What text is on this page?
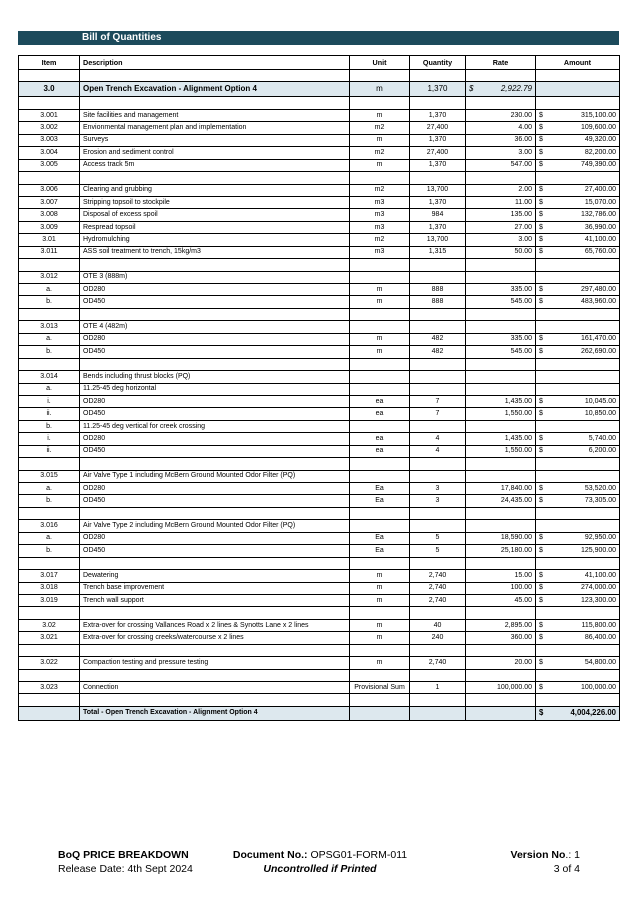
Bill of Quantities
Item	Description	Unit	Quantity	Rate	Amount	

3.0	Open Trench Excavation - Alignment Option 4	m	1,370	$ 2,922.79		

3.001	Site facilities and management	m	1,370	230.00	$	315,100.00
3.002	Envionmental management plan and implementation	m2	27,400	4.00	$	109,600.00
3.003	Surveys	m	1,370	36.00	$	49,320.00
3.004	Erosion and sediment control	m2	27,400	3.00	$	82,200.00
3.005	Access track 5m	m	1,370	547.00	$	749,390.00

3.006	Clearing and grubbing	m2	13,700	2.00	$	27,400.00
3.007	Stripping topsoil to stockpile	m3	1,370	11.00	$	15,070.00
3.008	Disposal of excess spoil	m3	984	135.00	$	132,786.00
3.009	Respread topsoil	m3	1,370	27.00	$	36,990.00
3.01	Hydromulching	m2	13,700	3.00	$	41,100.00
3.011	ASS soil treatment to trench, 15kg/m3	m3	1,315	50.00	$	65,760.00

3.012	OTE 3 (888m)					
a.	OD280	m	888	335.00	$	297,480.00
b.	OD450	m	888	545.00	$	483,960.00

3.013	OTE 4 (482m)					
a.	OD280	m	482	335.00	$	161,470.00
b.	OD450	m	482	545.00	$	262,690.00

3.014	Bends including thrust blocks (PQ)					
a.	11.25-45 deg horizontal					
i.	OD280	ea	7	1,435.00	$	10,045.00
ii.	OD450	ea	7	1,550.00	$	10,850.00
b.	11.25-45 deg vertical for creek crossing					
i.	OD280	ea	4	1,435.00	$	5,740.00
ii.	OD450	ea	4	1,550.00	$	6,200.00

3.015	Air Valve Type 1 including McBern Ground Mounted Odor Filter (PQ)					
a.	OD280	Ea	3	17,840.00	$	53,520.00
b.	OD450	Ea	3	24,435.00	$	73,305.00

3.016	Air Valve Type 2 including McBern Ground Mounted Odor Filter (PQ)					
a.	OD280	Ea	5	18,590.00	$	92,950.00
b.	OD450	Ea	5	25,180.00	$	125,900.00

3.017	Dewatering	m	2,740	15.00	$	41,100.00
3.018	Trench base improvement	m	2,740	100.00	$	274,000.00
3.019	Trench wall support	m	2,740	45.00	$	123,300.00

3.02	Extra-over for crossing Vallances Road x 2 lines & Synotts Lane x 2 lines	m	40	2,895.00	$	115,800.00
3.021	Extra-over for crossing creeks/watercourse x 2 lines	m	240	360.00	$	86,400.00

3.022	Compaction testing and pressure testing	m	2,740	20.00	$	54,800.00

3.023	Connection	Provisional Sum	1	100,000.00	$	100,000.00

	Total - Open Trench Excavation - Alignment Option 4				$	4,004,226.00
BoQ PRICE BREAKDOWN
Release Date: 4th Sept 2024
Document No.: OPSG01-FORM-011
Uncontrolled if Printed
Version No.: 1
3 of 4
